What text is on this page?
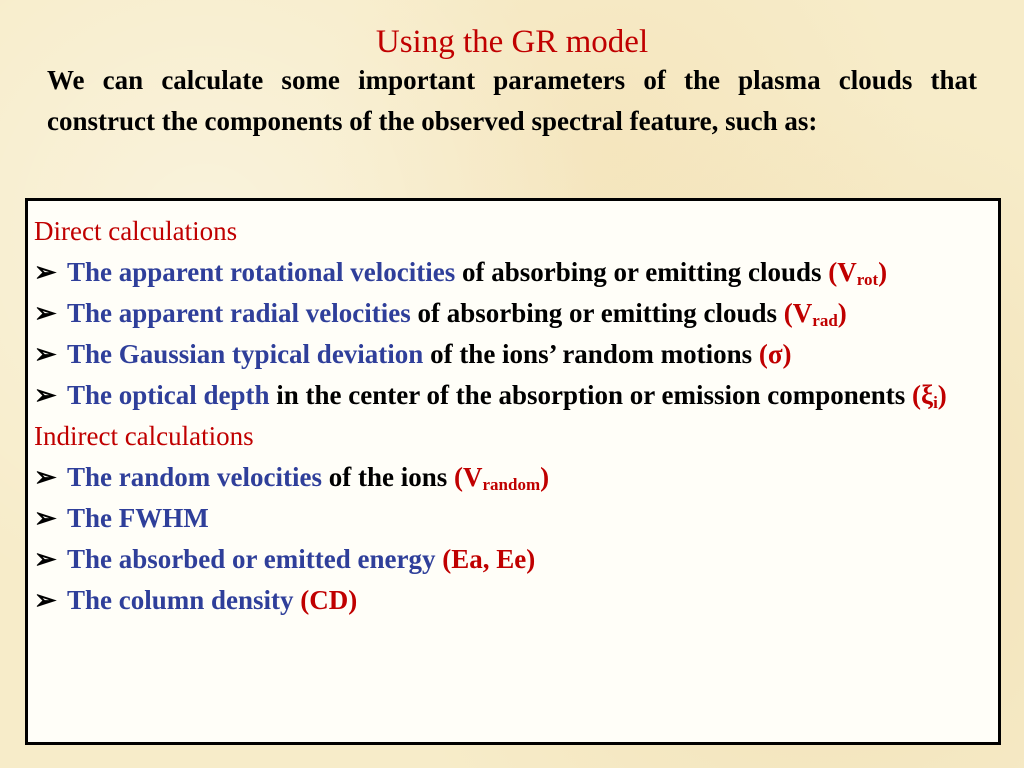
Using the GR model
We can calculate some important parameters of the plasma clouds that construct the components of the observed spectral feature, such as:
Direct calculations
➢ The apparent rotational velocities of absorbing or emitting clouds $(V_{rot})$
➢ The apparent radial velocities of absorbing or emitting clouds $(V_{rad})$
➢ The Gaussian typical deviation of the ions’ random motions (σ)
➢ The optical depth in the center of the absorption or emission components $(\xi_i)$
Indirect calculations
➢ The random velocities of the ions $(V_{random})$
➢ The FWHM
➢ The absorbed or emitted energy (Ea, Ee)
➢ The column density (CD)
